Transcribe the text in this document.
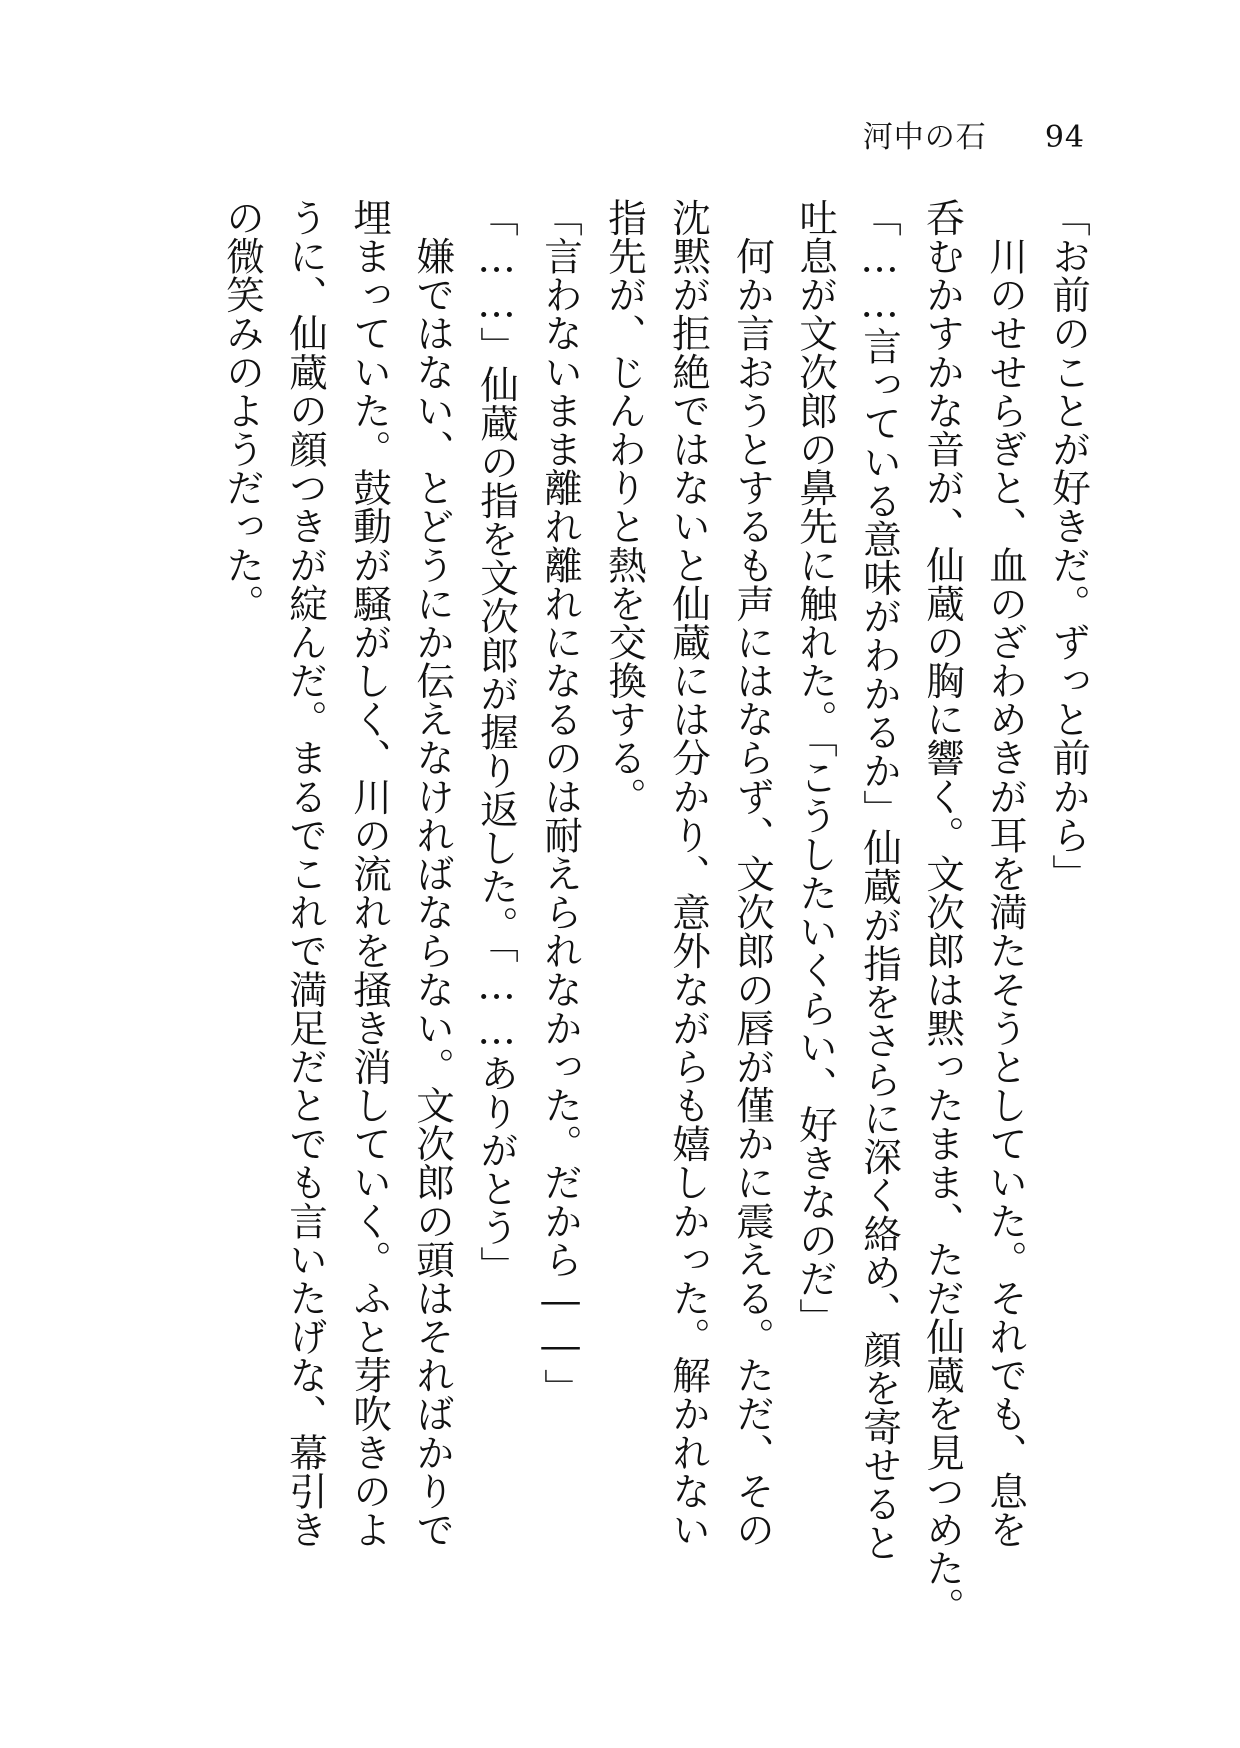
河中の石 94
「お前のことが好きだ。ずっと前から」
　川のせせらぎと、血のざわめきが耳を満たそうとしていた。それでも、息を
呑むかすかな音が、仙蔵の胸に響く。文次郎は黙ったまま、ただ仙蔵を見つめた。
「……言っている意味がわかるか」仙蔵が指をさらに深く絡め、顔を寄せると
吐息が文次郎の鼻先に触れた。「こうしたいくらい、好きなのだ」
　何か言おうとするも声にはならず、文次郎の唇が僅かに震える。ただ、その
沈黙が拒絶ではないと仙蔵には分かり、意外ながらも嬉しかった。解かれない
指先が、じんわりと熱を交換する。
「言わないまま離れ離れになるのは耐えられなかった。だから――」
「……」仙蔵の指を文次郎が握り返した。「……ありがとう」
　嫌ではない、とどうにか伝えなければならない。文次郎の頭はそればかりで
埋まっていた。鼓動が騒がしく、川の流れを掻き消していく。ふと芽吹きのよ
うに、仙蔵の顔つきが綻んだ。まるでこれで満足だとでも言いたげな、幕引き
の微笑みのようだった。
